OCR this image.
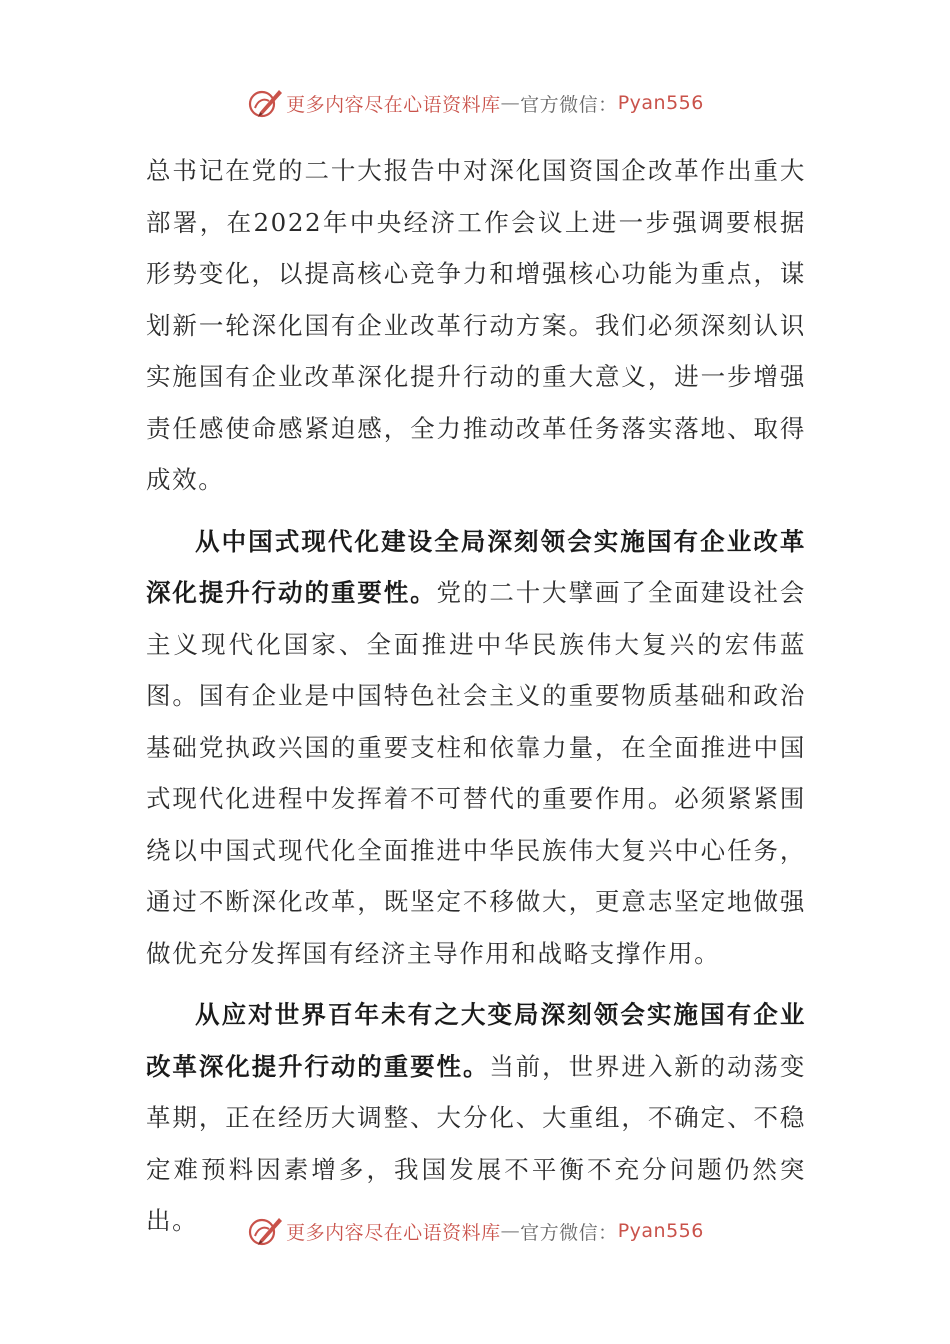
更多内容尽在心语资料库 — 官方微信： Pyan556

总书记在党的二十大报告中对深化国资国企改革作出重大部署，在2022年中央经济工作会议上进一步强调要根据形势变化，以提高核心竞争力和增强核心功能为重点，谋划新一轮深化国有企业改革行动方案。我们必须深刻认识实施国有企业改革深化提升行动的重大意义，进一步增强责任感使命感紧迫感，全力推动改革任务落实落地、取得成效。

从中国式现代化建设全局深刻领会实施国有企业改革深化提升行动的重要性。党的二十大擘画了全面建设社会主义现代化国家、全面推进中华民族伟大复兴的宏伟蓝图。国有企业是中国特色社会主义的重要物质基础和政治基础党执政兴国的重要支柱和依靠力量，在全面推进中国式现代化进程中发挥着不可替代的重要作用。必须紧紧围绕以中国式现代化全面推进中华民族伟大复兴中心任务，通过不断深化改革，既坚定不移做大，更意志坚定地做强做优充分发挥国有经济主导作用和战略支撑作用。

从应对世界百年未有之大变局深刻领会实施国有企业改革深化提升行动的重要性。当前，世界进入新的动荡变革期，正在经历大调整、大分化、大重组，不确定、不稳定难预料因素增多，我国发展不平衡不充分问题仍然突出。	更多内容尽在心语资料库 — 官方微信： Pyan556
